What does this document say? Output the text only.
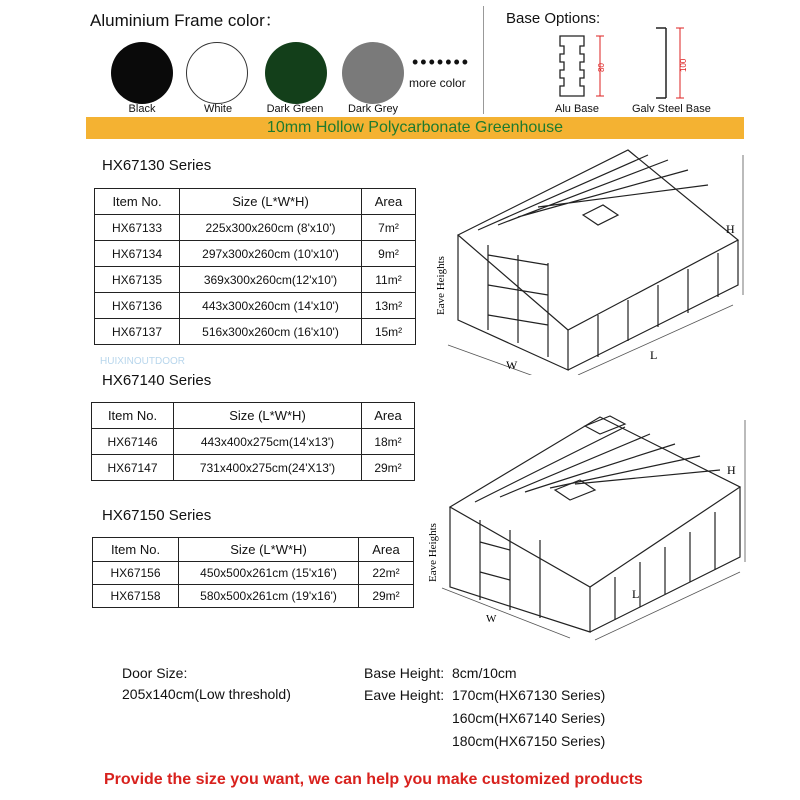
Aluminium Frame color：
Black	White	Dark Green	Dark Grey
•••••••
more color
Base Options:
80	100
Alu Base	Galv Steel Base
10mm Hollow Polycarbonate Greenhouse
HX67130 Series
Item No.	Size (L*W*H)	Area
HX67133	225x300x260cm (8'x10')	7m²
HX67134	297x300x260cm (10'x10')	9m²
HX67135	369x300x260cm(12'x10')	11m²
HX67136	443x300x260cm (14'x10')	13m²
HX67137	516x300x260cm (16'x10')	15m²
HUIXINOUTDOOR
H
W
L
Eave Heights
HX67140 Series
Item No.	Size (L*W*H)	Area
HX67146	443x400x275cm(14'x13')	18m²
HX67147	731x400x275cm(24'X13')	29m²	H
W
L
Eave Heights
HX67150 Series
Item No.	Size (L*W*H)	Area
HX67156	450x500x261cm (15'x16')	22m²
HX67158	580x500x261cm (19'x16')	29m²
Door Size:
205x140cm(Low threshold)
Base Height: 8cm/10cm
Eave Height: 170cm(HX67130 Series)
160cm(HX67140 Series)
180cm(HX67150 Series)
Provide the size you want, we can help you make customized products
